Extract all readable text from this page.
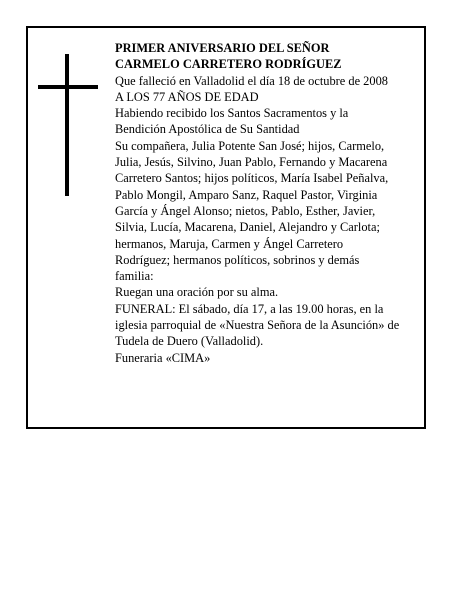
PRIMER ANIVERSARIO DEL SEÑOR
CARMELO CARRETERO RODRÍGUEZ
Que falleció en Valladolid el día 18 de octubre de 2008
A LOS 77 AÑOS DE EDAD
Habiendo recibido los Santos Sacramentos y la
Bendición Apostólica de Su Santidad
Su compañera, Julia Potente San José; hijos, Carmelo,
Julia, Jesús, Silvino, Juan Pablo, Fernando y Macarena
Carretero Santos; hijos políticos, María Isabel Peñalva,
Pablo Mongil, Amparo Sanz, Raquel Pastor, Virginia
García y Ángel Alonso; nietos, Pablo, Esther, Javier,
Silvia, Lucía, Macarena, Daniel, Alejandro y Carlota;
hermanos, Maruja, Carmen y Ángel Carretero
Rodríguez; hermanos políticos, sobrinos y demás
familia:
Ruegan una oración por su alma.
FUNERAL: El sábado, día 17, a las 19.00 horas, en la
iglesia parroquial de «Nuestra Señora de la Asunción» de
Tudela de Duero (Valladolid).
Funeraria «CIMA»
